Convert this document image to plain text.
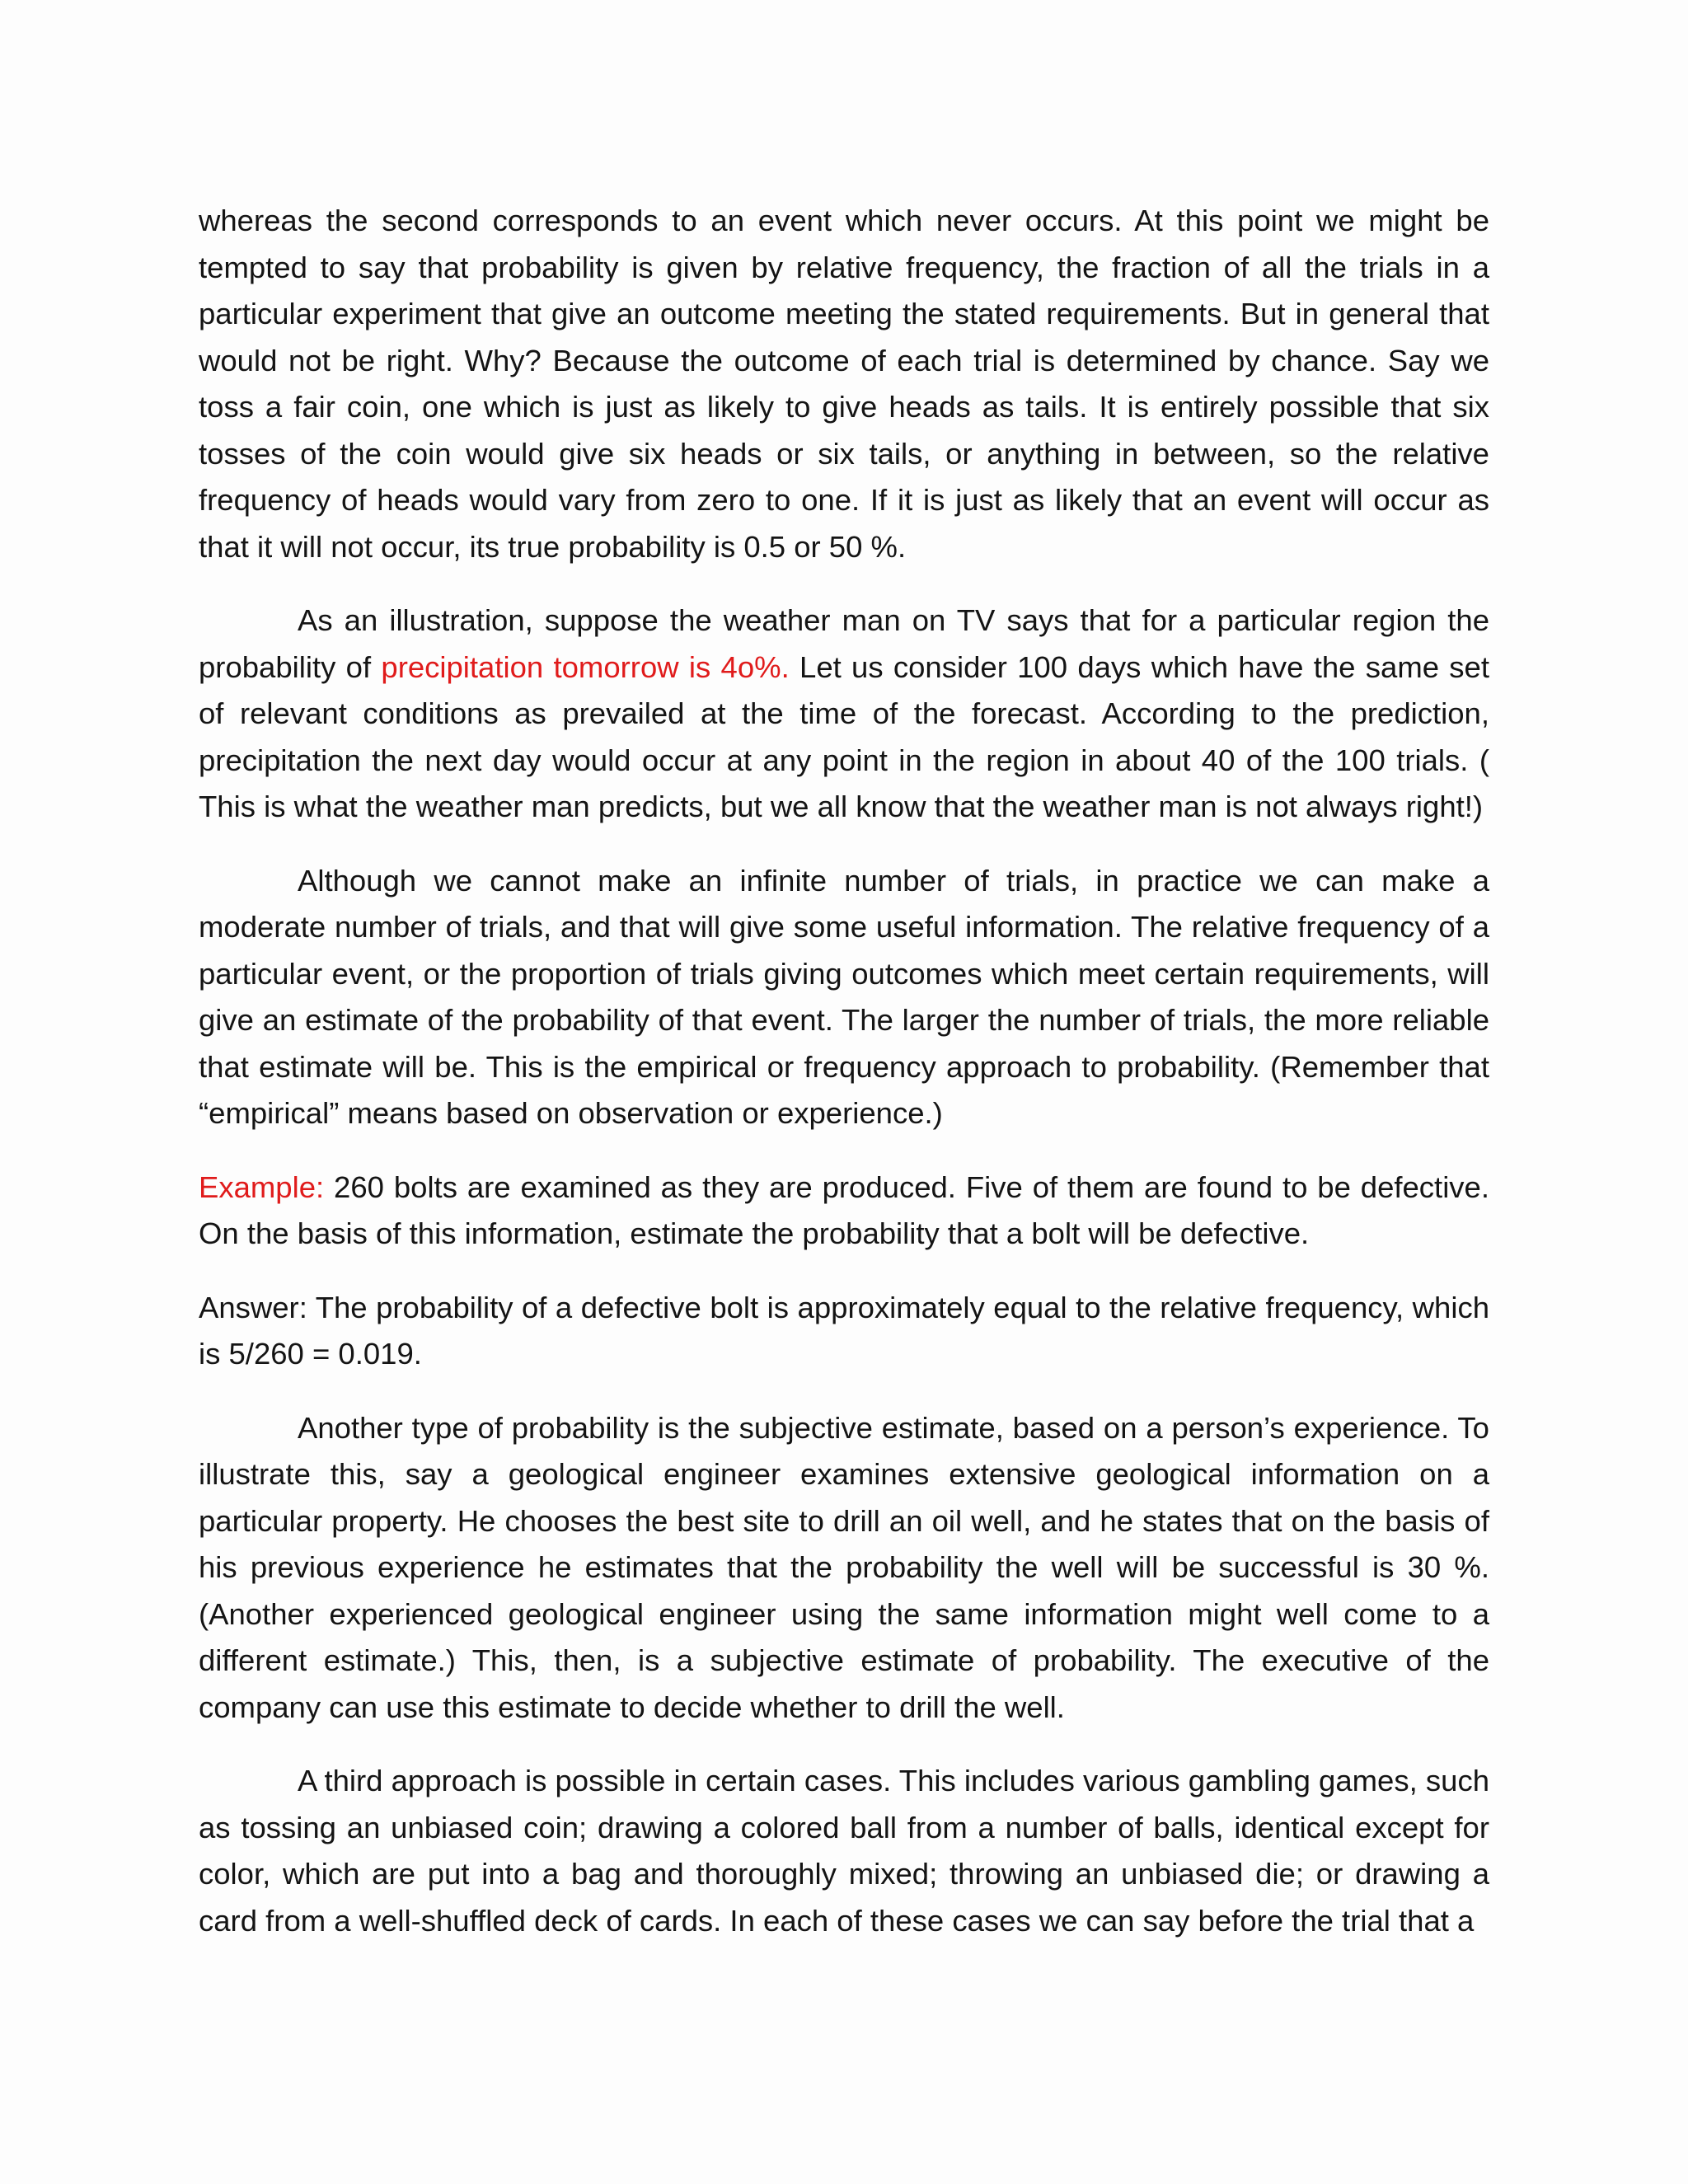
whereas the second corresponds to an event which never occurs. At this point we might be tempted to say that probability is given by relative frequency, the fraction of all the trials in a particular experiment that give an outcome meeting the stated requirements. But in general that would not be right. Why? Because the outcome of each trial is determined by chance. Say we toss a fair coin, one which is just as likely to give heads as tails. It is entirely possible that six tosses of the coin would give six heads or six tails, or anything in between, so the relative frequency of heads would vary from zero to one. If it is just as likely that an event will occur as that it will not occur, its true probability is 0.5 or 50 %.

As an illustration, suppose the weather man on TV says that for a particular region the probability of precipitation tomorrow is 4o%. Let us consider 100 days which have the same set of relevant conditions as prevailed at the time of the forecast. According to the prediction, precipitation the next day would occur at any point in the region in about 40 of the 100 trials. ( This is what the weather man predicts, but we all know that the weather man is not always right!)

Although we cannot make an infinite number of trials, in practice we can make a moderate number of trials, and that will give some useful information. The relative frequency of a particular event, or the proportion of trials giving outcomes which meet certain requirements, will give an estimate of the probability of that event. The larger the number of trials, the more reliable that estimate will be. This is the empirical or frequency approach to probability. (Remember that “empirical” means based on observation or experience.)

Example: 260 bolts are examined as they are produced. Five of them are found to be defective. On the basis of this information, estimate the probability that a bolt will be defective.

Answer: The probability of a defective bolt is approximately equal to the relative frequency, which is 5/260 = 0.019.

Another type of probability is the subjective estimate, based on a person’s experience. To illustrate this, say a geological engineer examines extensive geological information on a particular property. He chooses the best site to drill an oil well, and he states that on the basis of his previous experience he estimates that the probability the well will be successful is 30 %. (Another experienced geological engineer using the same information might well come to a different estimate.) This, then, is a subjective estimate of probability. The executive of the company can use this estimate to decide whether to drill the well.

A third approach is possible in certain cases. This includes various gambling games, such as tossing an unbiased coin; drawing a colored ball from a number of balls, identical except for color, which are put into a bag and thoroughly mixed; throwing an unbiased die; or drawing a card from a well-shuffled deck of cards. In each of these cases we can say before the trial that a
